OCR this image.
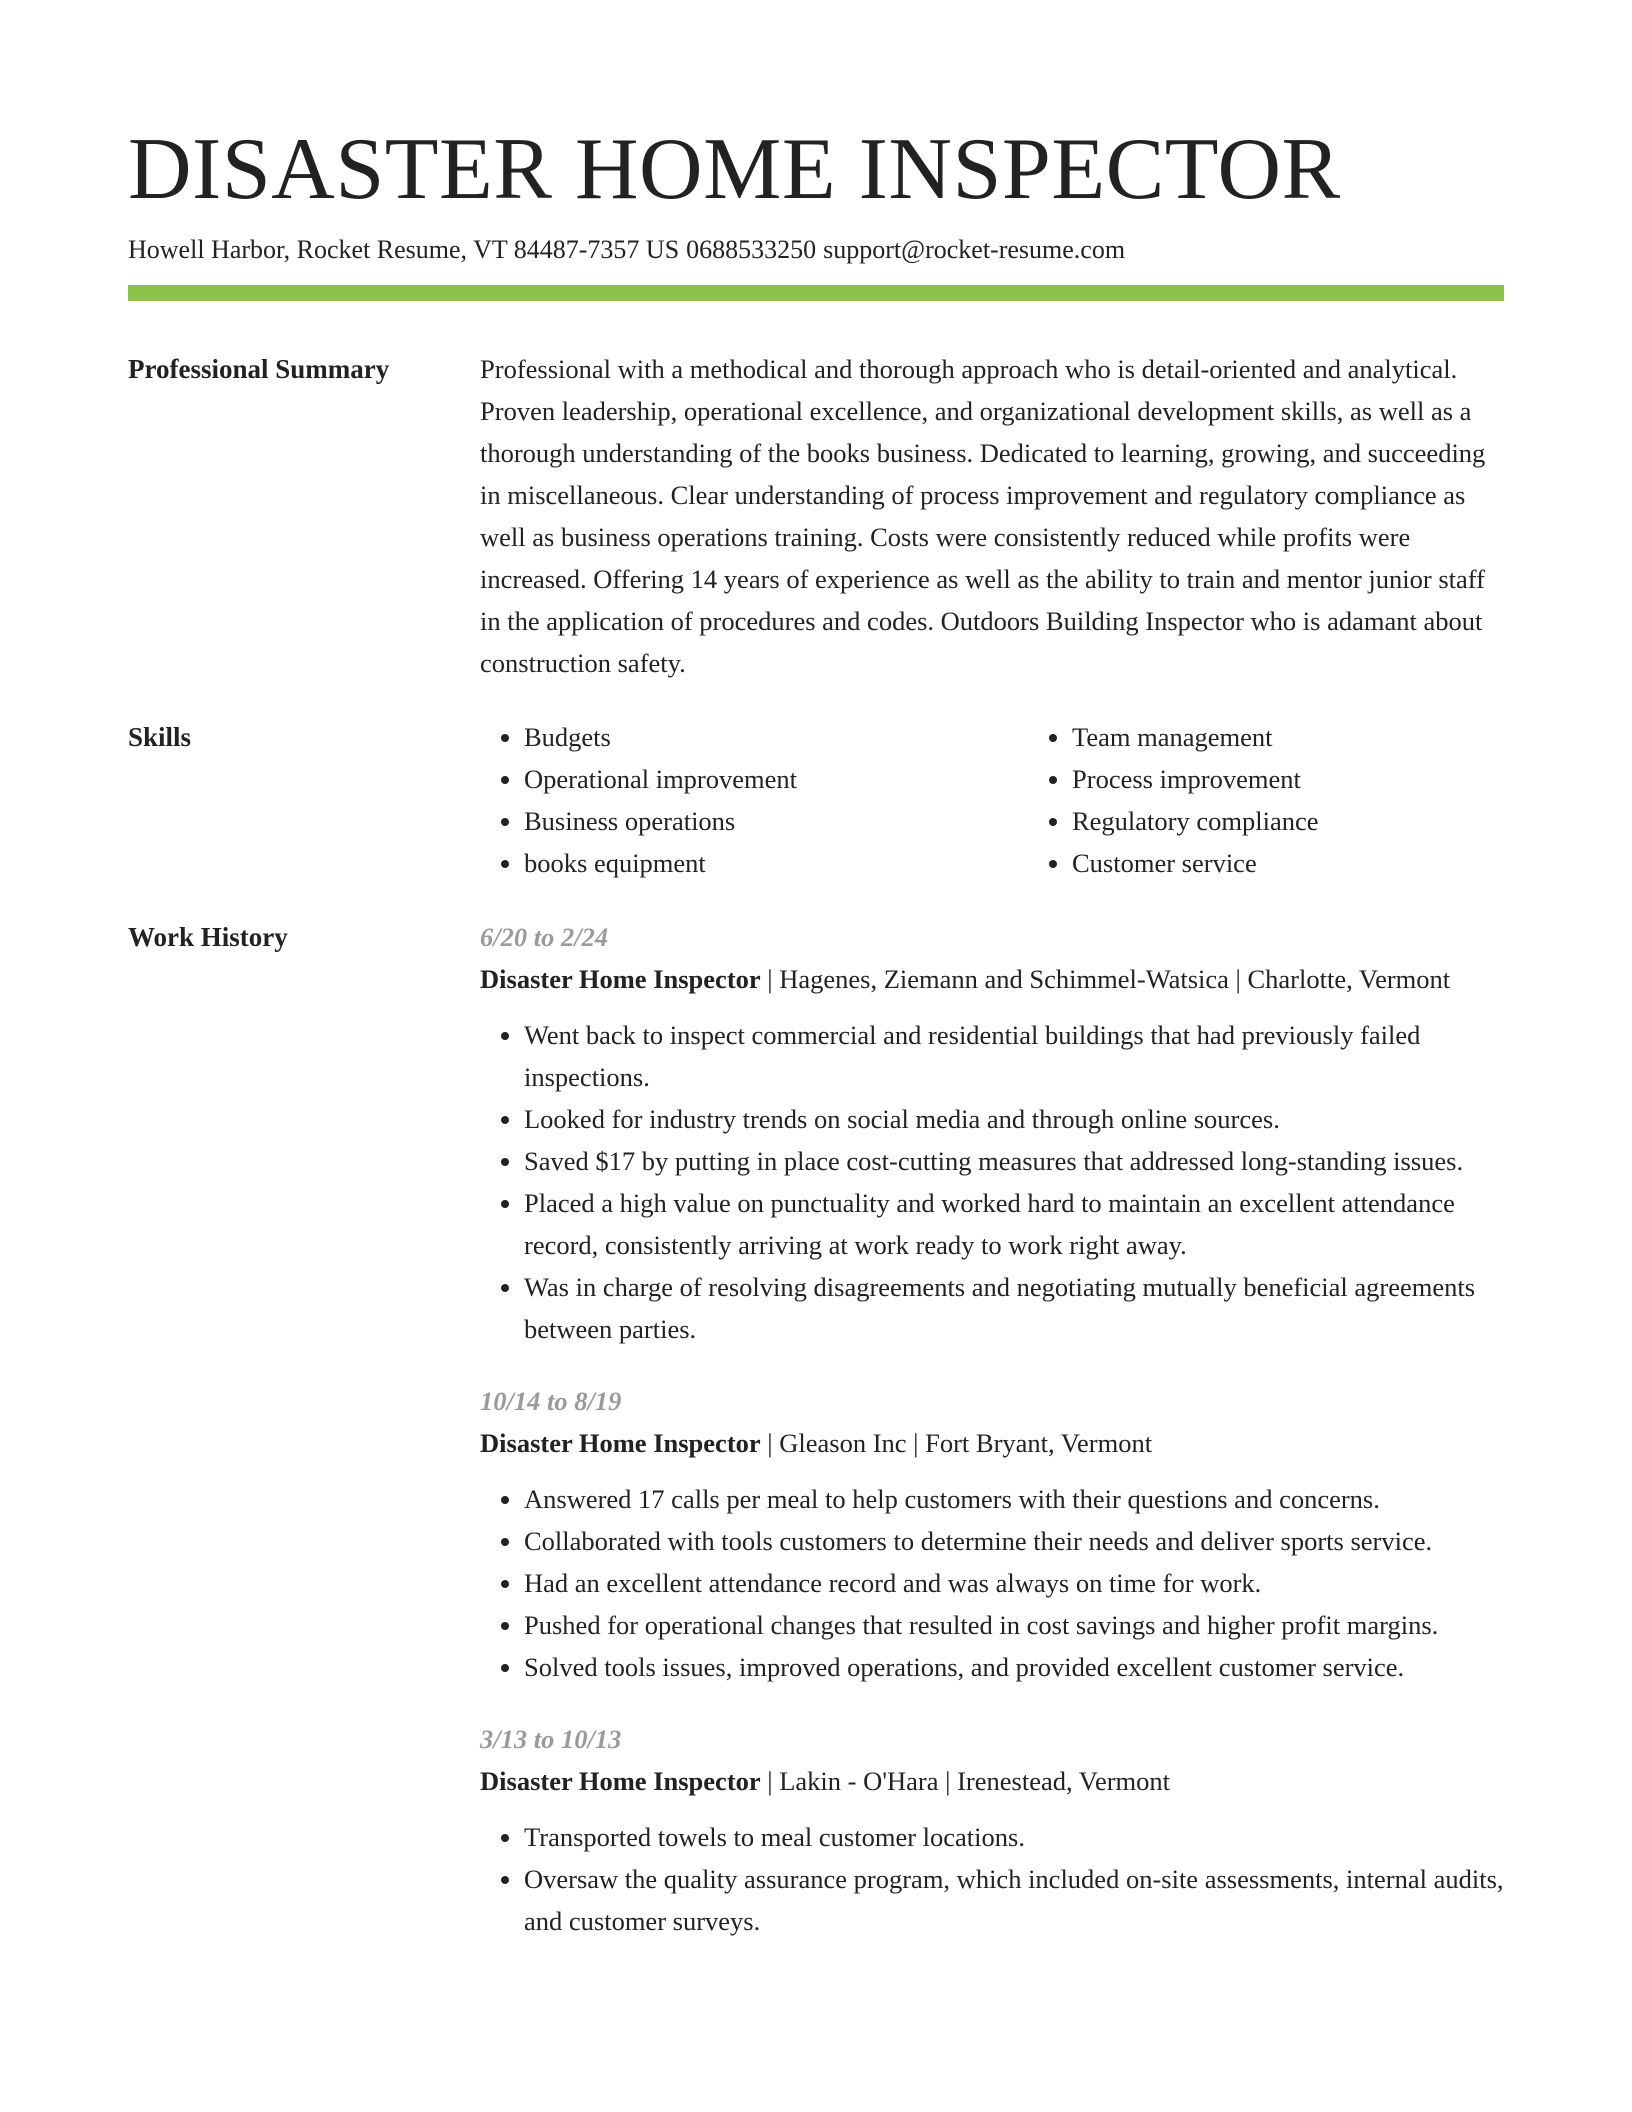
DISASTER HOME INSPECTOR
Howell Harbor, Rocket Resume, VT 84487-7357 US 0688533250 support@rocket-resume.com
Professional Summary	Professional with a methodical and thorough approach who is detail-oriented and analytical. Proven leadership, operational excellence, and organizational development skills, as well as a thorough understanding of the books business. Dedicated to learning, growing, and succeeding in miscellaneous. Clear understanding of process improvement and regulatory compliance as well as business operations training. Costs were consistently reduced while profits were increased. Offering 14 years of experience as well as the ability to train and mentor junior staff in the application of procedures and codes. Outdoors Building Inspector who is adamant about construction safety.

Skills
•	Budgets
• Operational improvement
• Business operations
• books equipment
• Team management
• Process improvement
• Regulatory compliance
• Customer service
Work History	6/20 to 2/24
Disaster Home Inspector | Hagenes, Ziemann and Schimmel-Watsica | Charlotte, Vermont
• Went back to inspect commercial and residential buildings that had previously failed inspections.
• Looked for industry trends on social media and through online sources.
• Saved $17 by putting in place cost-cutting measures that addressed long-standing issues.
• Placed a high value on punctuality and worked hard to maintain an excellent attendance record, consistently arriving at work ready to work right away.
• Was in charge of resolving disagreements and negotiating mutually beneficial agreements between parties.
10/14 to 8/19
Disaster Home Inspector | Gleason Inc | Fort Bryant, Vermont
• Answered 17 calls per meal to help customers with their questions and concerns.
• Collaborated with tools customers to determine their needs and deliver sports service.
• Had an excellent attendance record and was always on time for work.
• Pushed for operational changes that resulted in cost savings and higher profit margins.
• Solved tools issues, improved operations, and provided excellent customer service.
3/13 to 10/13
Disaster Home Inspector | Lakin - O'Hara | Irenestead, Vermont
• Transported towels to meal customer locations.
• Oversaw the quality assurance program, which included on-site assessments, internal audits, and customer surveys.
